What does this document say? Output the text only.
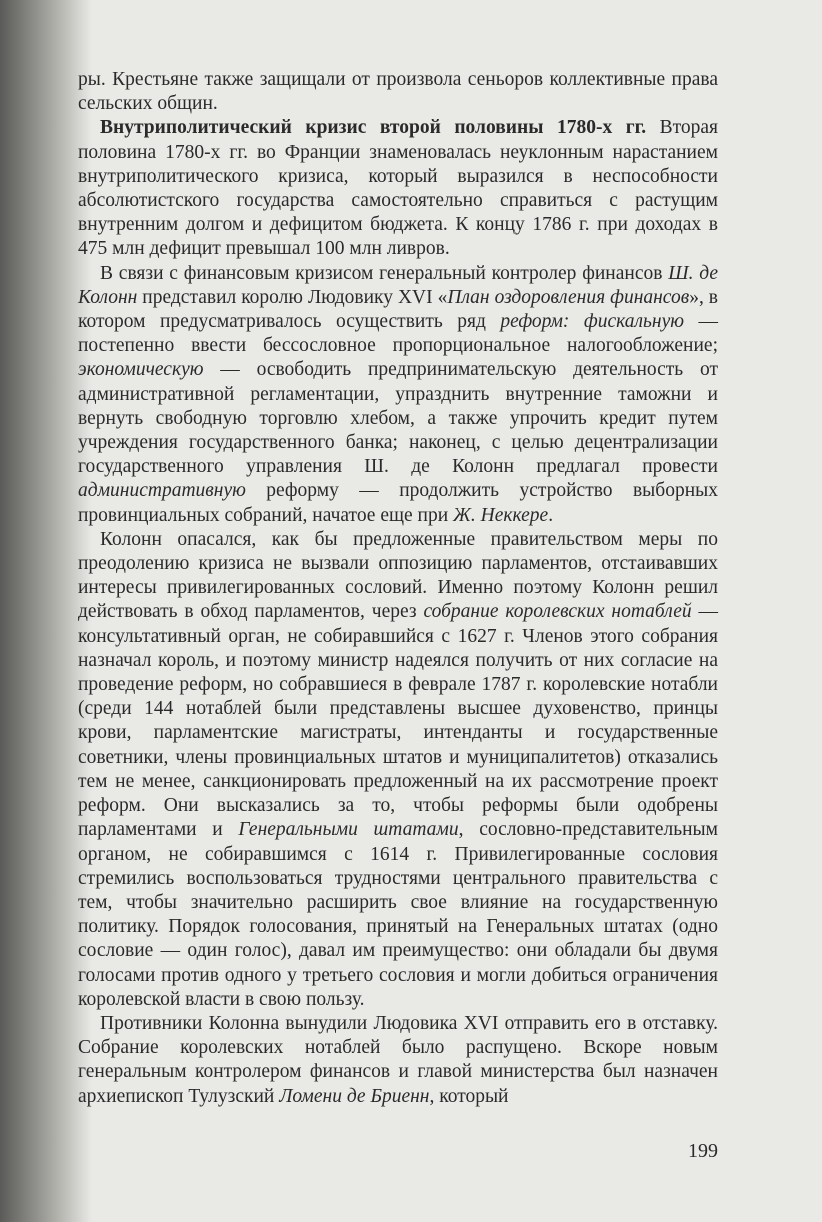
ры. Крестьяне также защищали от произвола сеньоров коллективные права сельских общин.

Внутриполитический кризис второй половины 1780-х гг. Вторая половина 1780-х гг. во Франции знаменовалась неуклонным нарастанием внутриполитического кризиса, который выразился в неспособности абсолютистского государства самостоятельно справиться с растущим внутренним долгом и дефицитом бюджета. К концу 1786 г. при доходах в 475 млн дефицит превышал 100 млн ливров.

В связи с финансовым кризисом генеральный контролер финансов Ш. де Колонн представил королю Людовику XVI «План оздоровления финансов», в котором предусматривалось осуществить ряд реформ: фискальную — постепенно ввести бессословное пропорциональное налогообложение; экономическую — освободить предпринимательскую деятельность от административной регламентации, упразднить внутренние таможни и вернуть свободную торговлю хлебом, а также упрочить кредит путем учреждения государственного банка; наконец, с целью децентрализации государственного управления Ш. де Колонн предлагал провести административную реформу — продолжить устройство выборных провинциальных собраний, начатое еще при Ж. Неккере.

Колонн опасался, как бы предложенные правительством меры по преодолению кризиса не вызвали оппозицию парламентов, отстаивавших интересы привилегированных сословий. Именно поэтому Колонн решил действовать в обход парламентов, через собрание королевских нотаблей — консультативный орган, не собиравшийся с 1627 г. Членов этого собрания назначал король, и поэтому министр надеялся получить от них согласие на проведение реформ, но собравшиеся в феврале 1787 г. королевские нотабли (среди 144 нотаблей были представлены высшее духовенство, принцы крови, парламентские магистраты, интенданты и государственные советники, члены провинциальных штатов и муниципалитетов) отказались тем не менее, санкционировать предложенный на их рассмотрение проект реформ. Они высказались за то, чтобы реформы были одобрены парламентами и Генеральными штатами, сословно-представительным органом, не собиравшимся с 1614 г. Привилегированные сословия стремились воспользоваться трудностями центрального правительства с тем, чтобы значительно расширить свое влияние на государственную политику. Порядок голосования, принятый на Генеральных штатах (одно сословие — один голос), давал им преимущество: они обладали бы двумя голосами против одного у третьего сословия и могли добиться ограничения королевской власти в свою пользу.

Противники Колонна вынудили Людовика XVI отправить его в отставку. Собрание королевских нотаблей было распущено. Вскоре новым генеральным контролером финансов и главой министерства был назначен архиепископ Тулузский Ломени де Бриенн, который

199
